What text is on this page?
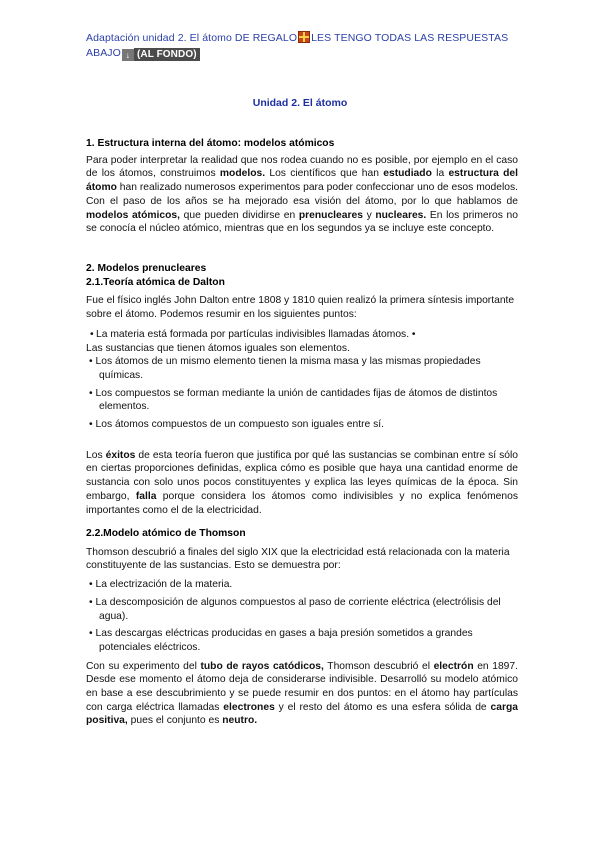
Adaptación unidad 2. El átomo DE REGALO LES TENGO TODAS LAS RESPUESTAS
ABAJO ↓ (AL FONDO)
Unidad 2. El átomo
1. Estructura interna del átomo: modelos atómicos
Para poder interpretar la realidad que nos rodea cuando no es posible, por ejemplo en el caso de los átomos, construimos modelos. Los científicos que han estudiado la estructura del átomo han realizado numerosos experimentos para poder confeccionar uno de esos modelos. Con el paso de los años se ha mejorado esa visión del átomo, por lo que hablamos de modelos atómicos, que pueden dividirse en prenucleares y nucleares. En los primeros no se conocía el núcleo atómico, mientras que en los segundos ya se incluye este concepto.
2. Modelos prenucleares
2.1.Teoría atómica de Dalton
Fue el físico inglés John Dalton entre 1808 y 1810 quien realizó la primera síntesis importante sobre el átomo. Podemos resumir en los siguientes puntos:
• La materia está formada por partículas indivisibles llamadas átomos. •
Las sustancias que tienen átomos iguales son elementos.
• Los átomos de un mismo elemento tienen la misma masa y las mismas propiedades químicas.
• Los compuestos se forman mediante la unión de cantidades fijas de átomos de distintos elementos.
• Los átomos compuestos de un compuesto son iguales entre sí.
Los éxitos de esta teoría fueron que justifica por qué las sustancias se combinan entre sí sólo en ciertas proporciones definidas, explica cómo es posible que haya una cantidad enorme de sustancia con solo unos pocos constituyentes y explica las leyes químicas de la época. Sin embargo, falla porque considera los átomos como indivisibles y no explica fenómenos importantes como el de la electricidad.
2.2.Modelo atómico de Thomson
Thomson descubrió a finales del siglo XIX que la electricidad está relacionada con la materia constituyente de las sustancias. Esto se demuestra por:
• La electrización de la materia.
• La descomposición de algunos compuestos al paso de corriente eléctrica (electrólisis del agua).
• Las descargas eléctricas producidas en gases a baja presión sometidos a grandes potenciales eléctricos.
Con su experimento del tubo de rayos catódicos, Thomson descubrió el electrón en 1897. Desde ese momento el átomo deja de considerarse indivisible. Desarrolló su modelo atómico en base a ese descubrimiento y se puede resumir en dos puntos: en el átomo hay partículas con carga eléctrica llamadas electrones y el resto del átomo es una esfera sólida de carga positiva, pues el conjunto es neutro.
